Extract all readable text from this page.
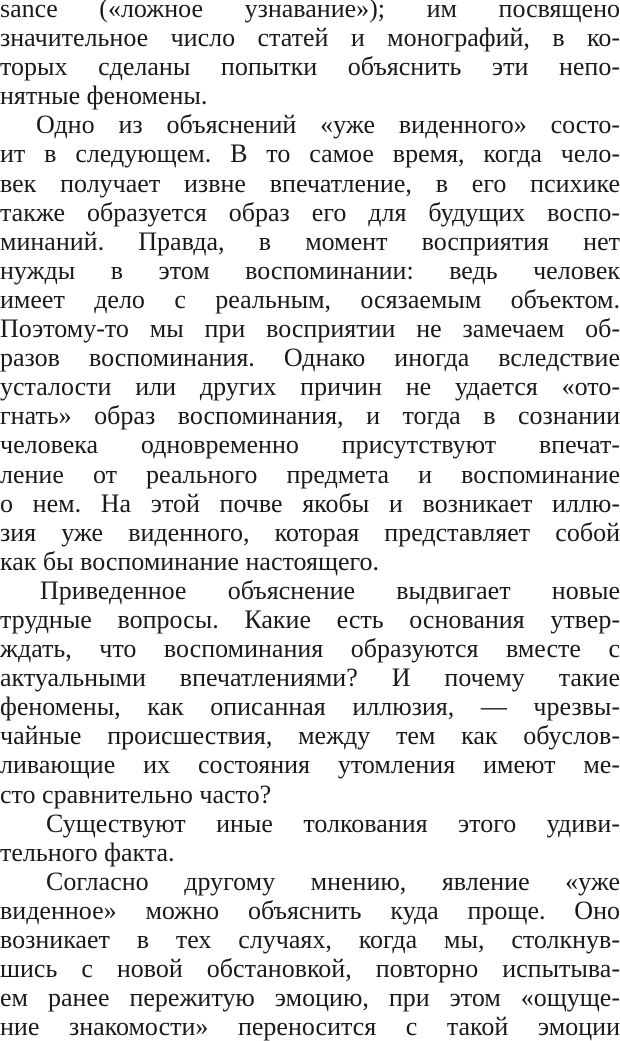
sance («ложное узнавание»); им посвящено
значительное число статей и монографий, в ко-
торых сделаны попытки объяснить эти непо-
нятные феномены.
Одно из объяснений «уже виденного» состо-
ит в следующем. В то самое время, когда чело-
век получает извне впечатление, в его психике
также образуется образ его для будущих воспо-
минаний. Правда, в момент восприятия нет
нужды в этом воспоминании: ведь человек
имеет дело с реальным, осязаемым объектом.
Поэтому-то мы при восприятии не замечаем об-
разов воспоминания. Однако иногда вследствие
усталости или других причин не удается «ото-
гнать» образ воспоминания, и тогда в сознании
человека одновременно присутствуют впечат-
ление от реального предмета и воспоминание
о нем. На этой почве якобы и возникает иллю-
зия уже виденного, которая представляет собой
как бы воспоминание настоящего.
Приведенное объяснение выдвигает новые
трудные вопросы. Какие есть основания утвер-
ждать, что воспоминания образуются вместе с
актуальными впечатлениями? И почему такие
феномены, как описанная иллюзия, — чрезвы-
чайные происшествия, между тем как обуслов-
ливающие их состояния утомления имеют ме-
сто сравнительно часто?
Существуют иные толкования этого удиви-
тельного факта.
Согласно другому мнению, явление «уже
виденное» можно объяснить куда проще. Оно
возникает в тех случаях, когда мы, столкнув-
шись с новой обстановкой, повторно испытыва-
ем ранее пережитую эмоцию, при этом «ощуще-
ние знакомости» переносится с такой эмоции
